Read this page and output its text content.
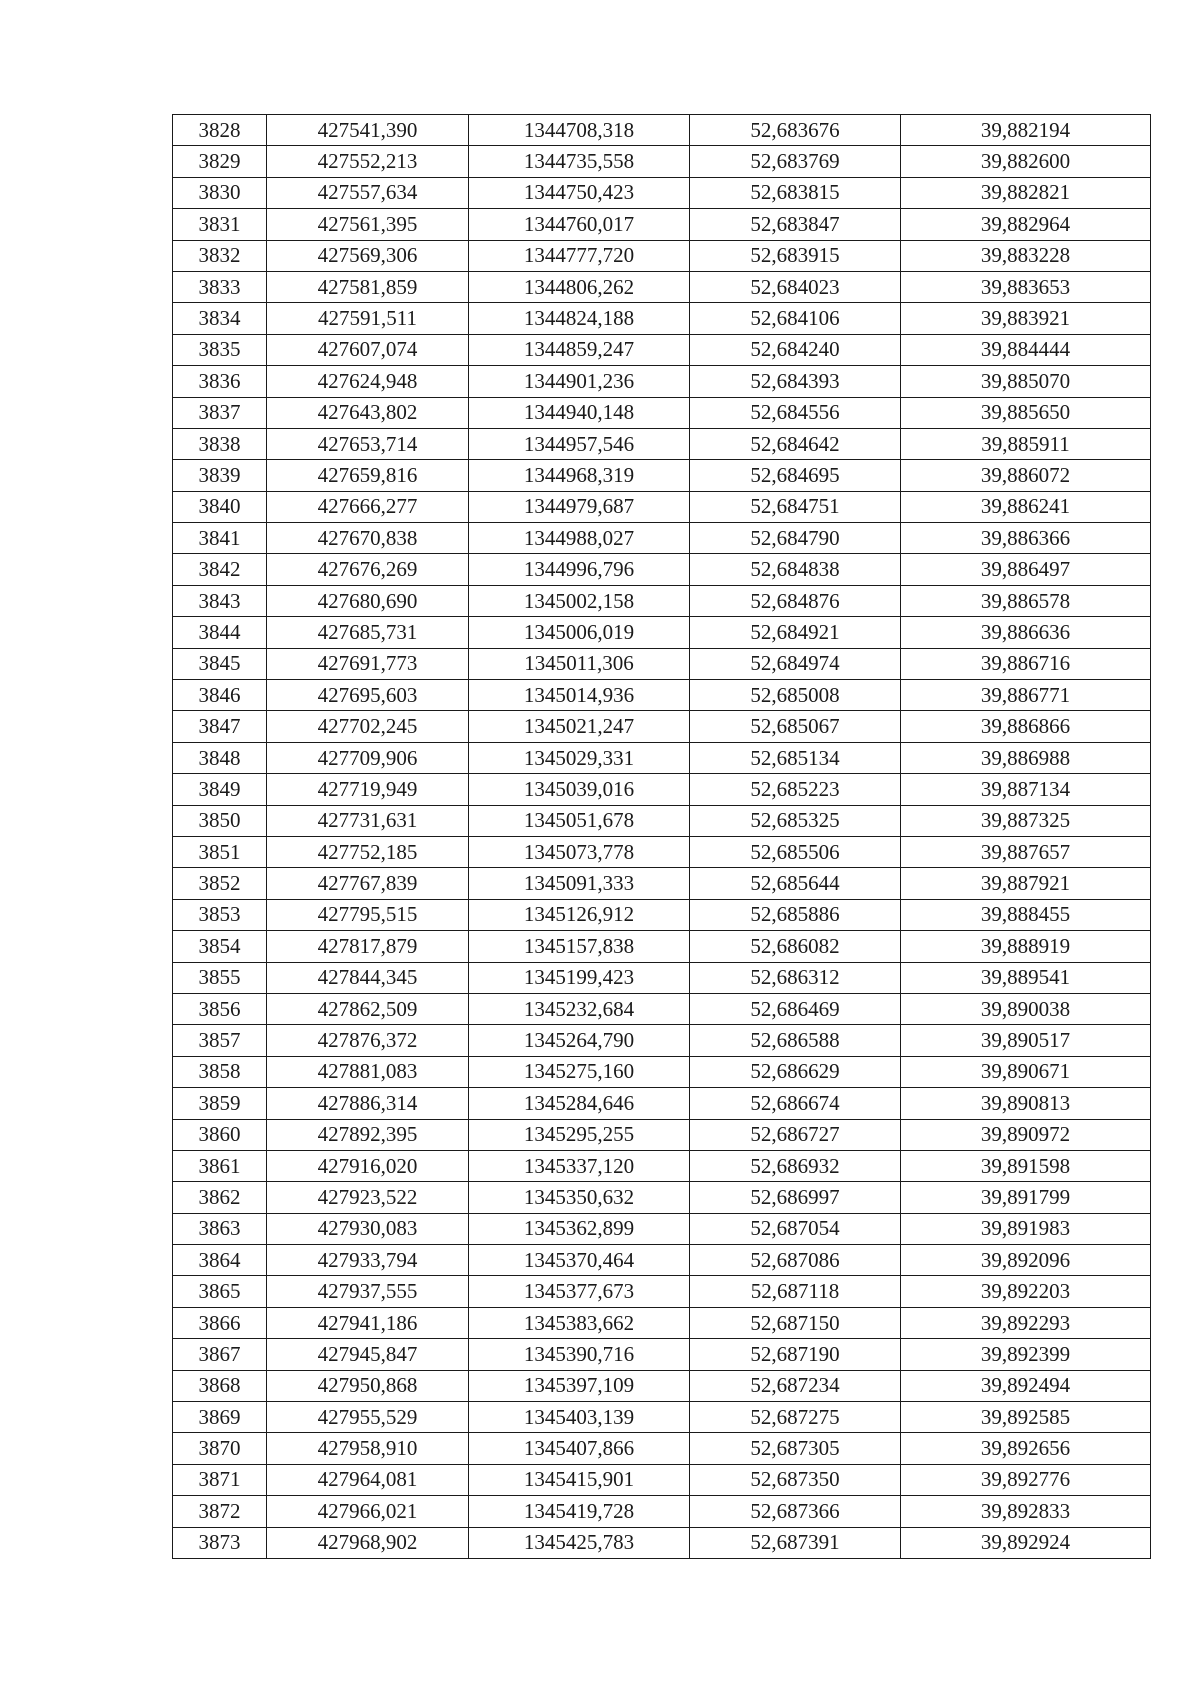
3828	427541,390	1344708,318	52,683676	39,882194
3829	427552,213	1344735,558	52,683769	39,882600
3830	427557,634	1344750,423	52,683815	39,882821
3831	427561,395	1344760,017	52,683847	39,882964
3832	427569,306	1344777,720	52,683915	39,883228
3833	427581,859	1344806,262	52,684023	39,883653
3834	427591,511	1344824,188	52,684106	39,883921
3835	427607,074	1344859,247	52,684240	39,884444
3836	427624,948	1344901,236	52,684393	39,885070
3837	427643,802	1344940,148	52,684556	39,885650
3838	427653,714	1344957,546	52,684642	39,885911
3839	427659,816	1344968,319	52,684695	39,886072
3840	427666,277	1344979,687	52,684751	39,886241
3841	427670,838	1344988,027	52,684790	39,886366
3842	427676,269	1344996,796	52,684838	39,886497
3843	427680,690	1345002,158	52,684876	39,886578
3844	427685,731	1345006,019	52,684921	39,886636
3845	427691,773	1345011,306	52,684974	39,886716
3846	427695,603	1345014,936	52,685008	39,886771
3847	427702,245	1345021,247	52,685067	39,886866
3848	427709,906	1345029,331	52,685134	39,886988
3849	427719,949	1345039,016	52,685223	39,887134
3850	427731,631	1345051,678	52,685325	39,887325
3851	427752,185	1345073,778	52,685506	39,887657
3852	427767,839	1345091,333	52,685644	39,887921
3853	427795,515	1345126,912	52,685886	39,888455
3854	427817,879	1345157,838	52,686082	39,888919
3855	427844,345	1345199,423	52,686312	39,889541
3856	427862,509	1345232,684	52,686469	39,890038
3857	427876,372	1345264,790	52,686588	39,890517
3858	427881,083	1345275,160	52,686629	39,890671
3859	427886,314	1345284,646	52,686674	39,890813
3860	427892,395	1345295,255	52,686727	39,890972
3861	427916,020	1345337,120	52,686932	39,891598
3862	427923,522	1345350,632	52,686997	39,891799
3863	427930,083	1345362,899	52,687054	39,891983
3864	427933,794	1345370,464	52,687086	39,892096
3865	427937,555	1345377,673	52,687118	39,892203
3866	427941,186	1345383,662	52,687150	39,892293
3867	427945,847	1345390,716	52,687190	39,892399
3868	427950,868	1345397,109	52,687234	39,892494
3869	427955,529	1345403,139	52,687275	39,892585
3870	427958,910	1345407,866	52,687305	39,892656
3871	427964,081	1345415,901	52,687350	39,892776
3872	427966,021	1345419,728	52,687366	39,892833
3873	427968,902	1345425,783	52,687391	39,892924
